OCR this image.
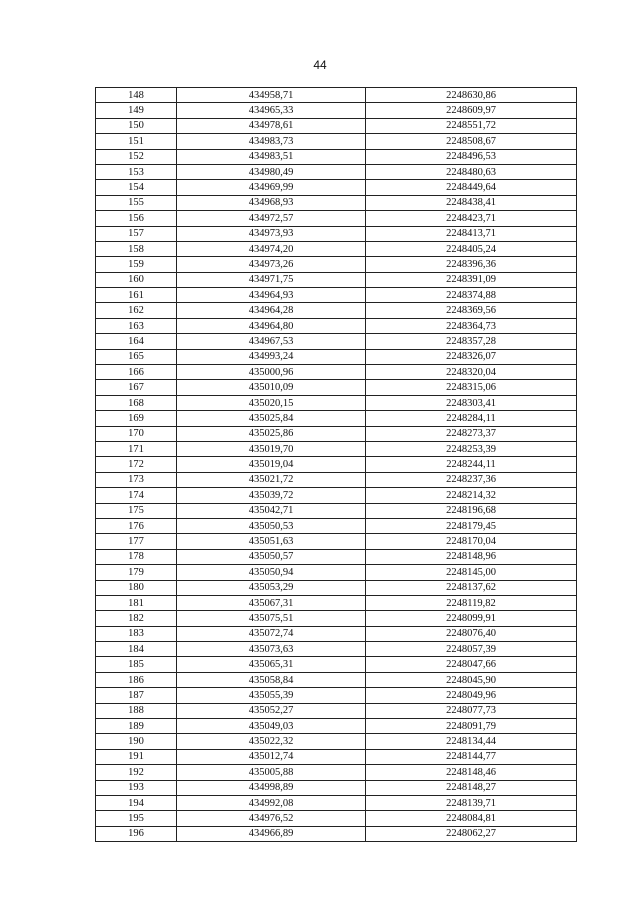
44
148	434958,71	2248630,86
149	434965,33	2248609,97
150	434978,61	2248551,72
151	434983,73	2248508,67
152	434983,51	2248496,53
153	434980,49	2248480,63
154	434969,99	2248449,64
155	434968,93	2248438,41
156	434972,57	2248423,71
157	434973,93	2248413,71
158	434974,20	2248405,24
159	434973,26	2248396,36
160	434971,75	2248391,09
161	434964,93	2248374,88
162	434964,28	2248369,56
163	434964,80	2248364,73
164	434967,53	2248357,28
165	434993,24	2248326,07
166	435000,96	2248320,04
167	435010,09	2248315,06
168	435020,15	2248303,41
169	435025,84	2248284,11
170	435025,86	2248273,37
171	435019,70	2248253,39
172	435019,04	2248244,11
173	435021,72	2248237,36
174	435039,72	2248214,32
175	435042,71	2248196,68
176	435050,53	2248179,45
177	435051,63	2248170,04
178	435050,57	2248148,96
179	435050,94	2248145,00
180	435053,29	2248137,62
181	435067,31	2248119,82
182	435075,51	2248099,91
183	435072,74	2248076,40
184	435073,63	2248057,39
185	435065,31	2248047,66
186	435058,84	2248045,90
187	435055,39	2248049,96
188	435052,27	2248077,73
189	435049,03	2248091,79
190	435022,32	2248134,44
191	435012,74	2248144,77
192	435005,88	2248148,46
193	434998,89	2248148,27
194	434992,08	2248139,71
195	434976,52	2248084,81
196	434966,89	2248062,27
